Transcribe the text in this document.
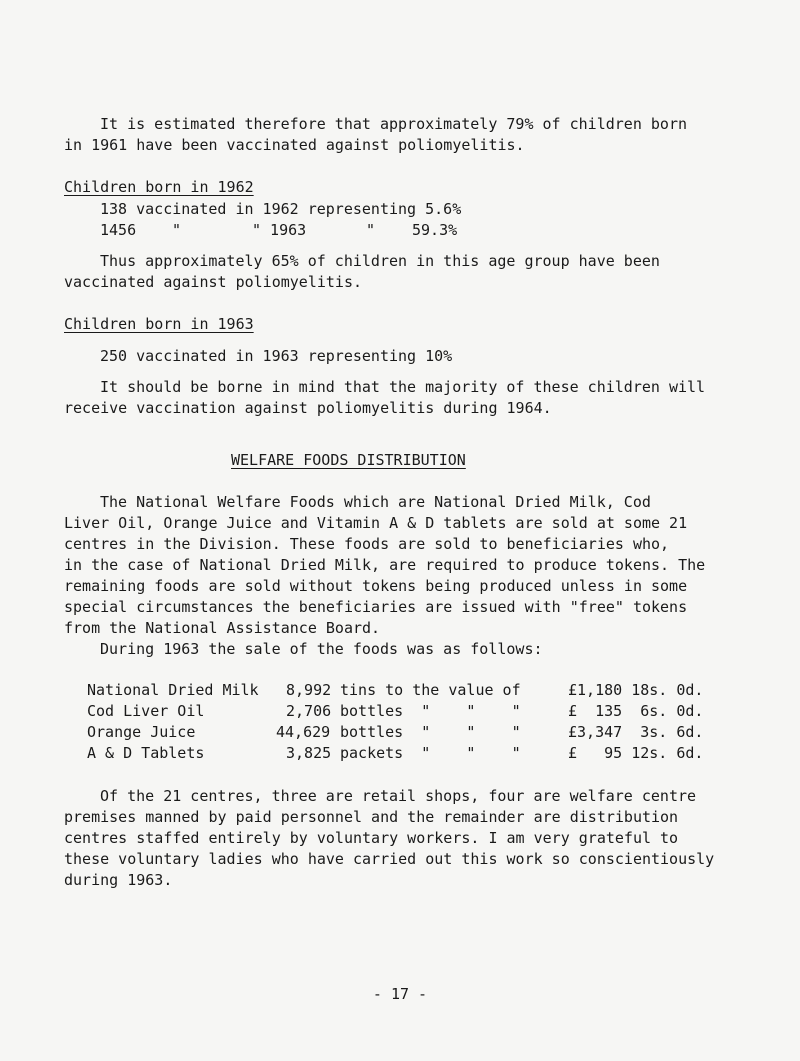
It is estimated therefore that approximately 79% of children born
in 1961 have been vaccinated against poliomyelitis.
Children born in 1962
138 vaccinated in 1962 representing 5.6%
1456 "	" 1963	" 59.3%
Thus approximately 65% of children in this age group have been
vaccinated against poliomyelitis.
Children born in 1963
250 vaccinated in 1963 representing 10%
It should be borne in mind that the majority of these children will
receive vaccination against poliomyelitis during 1964.
WELFARE FOODS DISTRIBUTION
The National Welfare Foods which are National Dried Milk, Cod
Liver Oil, Orange Juice and Vitamin A & D tablets are sold at some 21
centres in the Division. These foods are sold to beneficiaries who,
in the case of National Dried Milk, are required to produce tokens. The
remaining foods are sold without tokens being produced unless in some
special circumstances the beneficiaries are issued with "free" tokens
from the National Assistance Board.
During 1963 the sale of the foods was as follows:
National Dried Milk 8,992 tins to the value of	£1,180 18s. 0d.
Cod Liver Oil	2,706 bottles  "    "    "	£  135  6s. 0d.
Orange Juice	44,629 bottles  "    "    "	£3,347  3s. 6d.
A & D Tablets	3,825 packets  "    "    "	£   95 12s. 6d.
Of the 21 centres, three are retail shops, four are welfare centre
premises manned by paid personnel and the remainder are distribution
centres staffed entirely by voluntary workers. I am very grateful to
these voluntary ladies who have carried out this work so conscientiously
during 1963.
- 17 -
